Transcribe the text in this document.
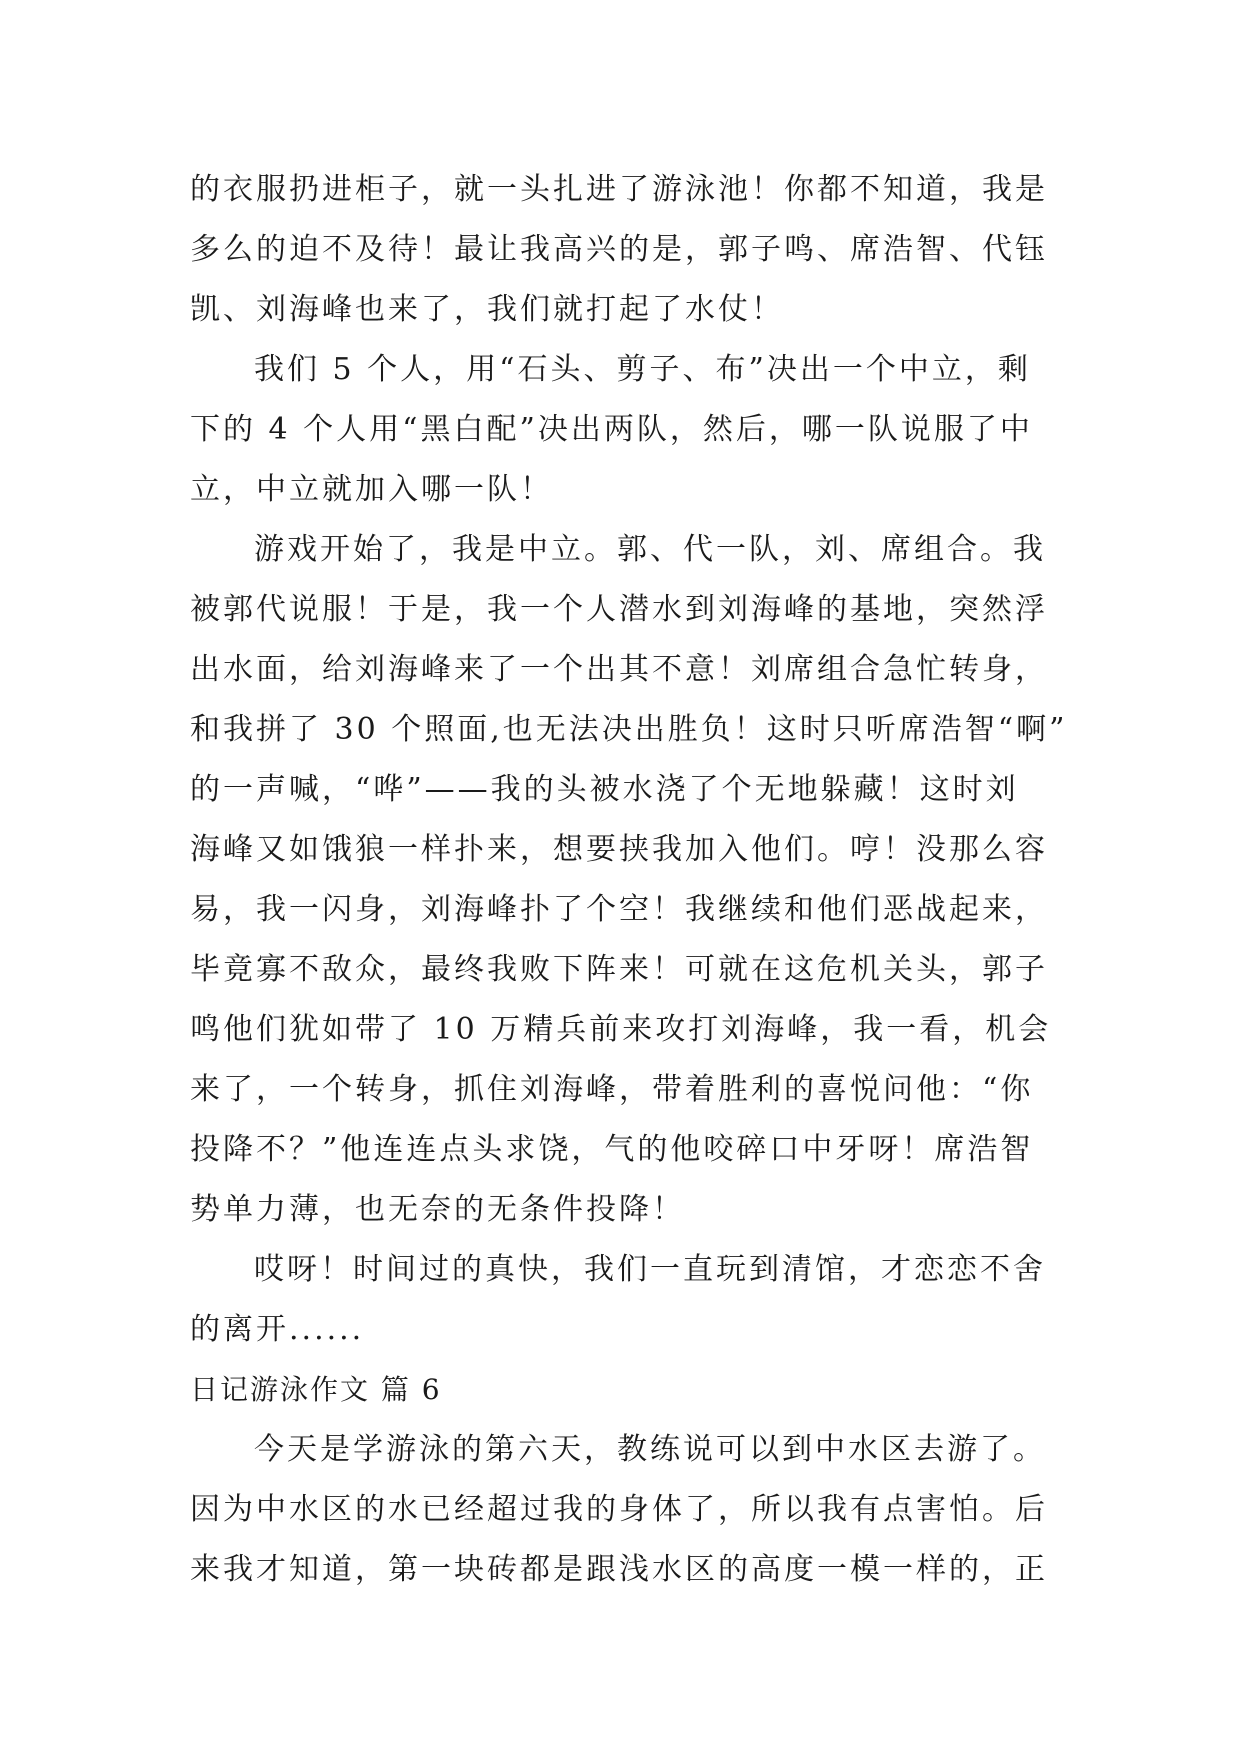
的衣服扔进柜子，就一头扎进了游泳池！你都不知道，我是
多么的迫不及待！最让我高兴的是，郭子鸣、席浩智、代钰
凯、刘海峰也来了，我们就打起了水仗！
我们 5 个人，用“石头、剪子、布”决出一个中立，剩
下的 4 个人用“黑白配”决出两队，然后，哪一队说服了中
立，中立就加入哪一队！
游戏开始了，我是中立。郭、代一队，刘、席组合。我
被郭代说服！于是，我一个人潜水到刘海峰的基地，突然浮
出水面，给刘海峰来了一个出其不意！刘席组合急忙转身，
和我拼了 30 个照面,也无法决出胜负！这时只听席浩智“啊”
的一声喊，“哗”——我的头被水浇了个无地躲藏！这时刘
海峰又如饿狼一样扑来，想要挟我加入他们。哼！没那么容
易，我一闪身，刘海峰扑了个空！我继续和他们恶战起来，
毕竟寡不敌众，最终我败下阵来！可就在这危机关头，郭子
鸣他们犹如带了 10 万精兵前来攻打刘海峰，我一看，机会
来了，一个转身，抓住刘海峰，带着胜利的喜悦问他：“你
投降不？”他连连点头求饶，气的他咬碎口中牙呀！席浩智
势单力薄，也无奈的无条件投降！
哎呀！时间过的真快，我们一直玩到清馆，才恋恋不舍
的离开......
日记游泳作文 篇 6
今天是学游泳的第六天，教练说可以到中水区去游了。
因为中水区的水已经超过我的身体了，所以我有点害怕。后
来我才知道，第一块砖都是跟浅水区的高度一模一样的，正
